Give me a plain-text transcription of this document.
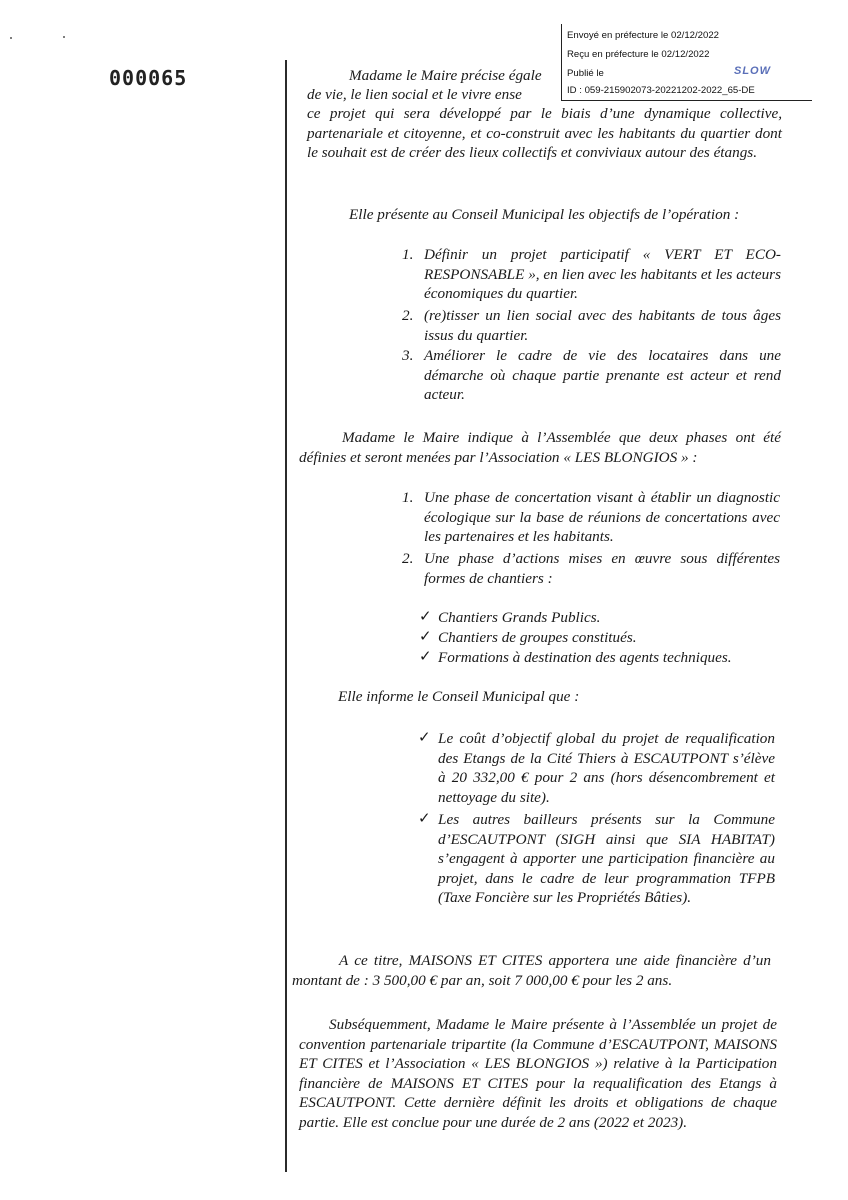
000065	Madame le Maire précise égale
de vie, le lien social et le vivre ense

ce projet qui sera développé par le biais d’une dynamique collective, partenariale et citoyenne, et co-construit avec les habitants du quartier dont le souhait est de créer des lieux collectifs et conviviaux autour des étangs.

Envoyé en préfecture le 02/12/2022
Reçu en préfecture le 02/12/2022
Publié le	SLOW
ID : 059-215902073-20221202-2022_65-DE
Elle présente au Conseil Municipal les objectifs de l’opération :
1. Définir un projet participatif « VERT ET ECO-RESPONSABLE », en lien avec les habitants et les acteurs économiques du quartier.
2. (re)tisser un lien social avec des habitants de tous âges issus du quartier.
3. Améliorer le cadre de vie des locataires dans une démarche où chaque partie prenante est acteur et rend acteur.

Madame le Maire indique à l’Assemblée que deux phases ont été définies et seront menées par l’Association « LES BLONGIOS » :

1. Une phase de concertation visant à établir un diagnostic écologique sur la base de réunions de concertations avec les partenaires et les habitants.
2. Une phase d’actions mises en œuvre sous différentes formes de chantiers :
✓ Chantiers Grands Publics.
✓ Chantiers de groupes constitués.
✓ Formations à destination des agents techniques.
Elle informe le Conseil Municipal que :
✓ Le coût d’objectif global du projet de requalification des Etangs de la Cité Thiers à ESCAUTPONT s’élève à 20 332,00 € pour 2 ans (hors désencombrement et nettoyage du site).
✓ Les autres bailleurs présents sur la Commune d’ESCAUTPONT (SIGH ainsi que SIA HABITAT) s’engagent à apporter une participation financière au projet, dans le cadre de leur programmation TFPB (Taxe Foncière sur les Propriétés Bâties).

A ce titre, MAISONS ET CITES apportera une aide financière d’un montant de : 3 500,00 € par an, soit 7 000,00 € pour les 2 ans.

Subséquemment, Madame le Maire présente à l’Assemblée un projet de convention partenariale tripartite (la Commune d’ESCAUTPONT, MAISONS ET CITES et l’Association « LES BLONGIOS ») relative à la Participation financière de MAISONS ET CITES pour la requalification des Etangs à ESCAUTPONT. Cette dernière définit les droits et obligations de chaque partie. Elle est conclue pour une durée de 2 ans (2022 et 2023).
